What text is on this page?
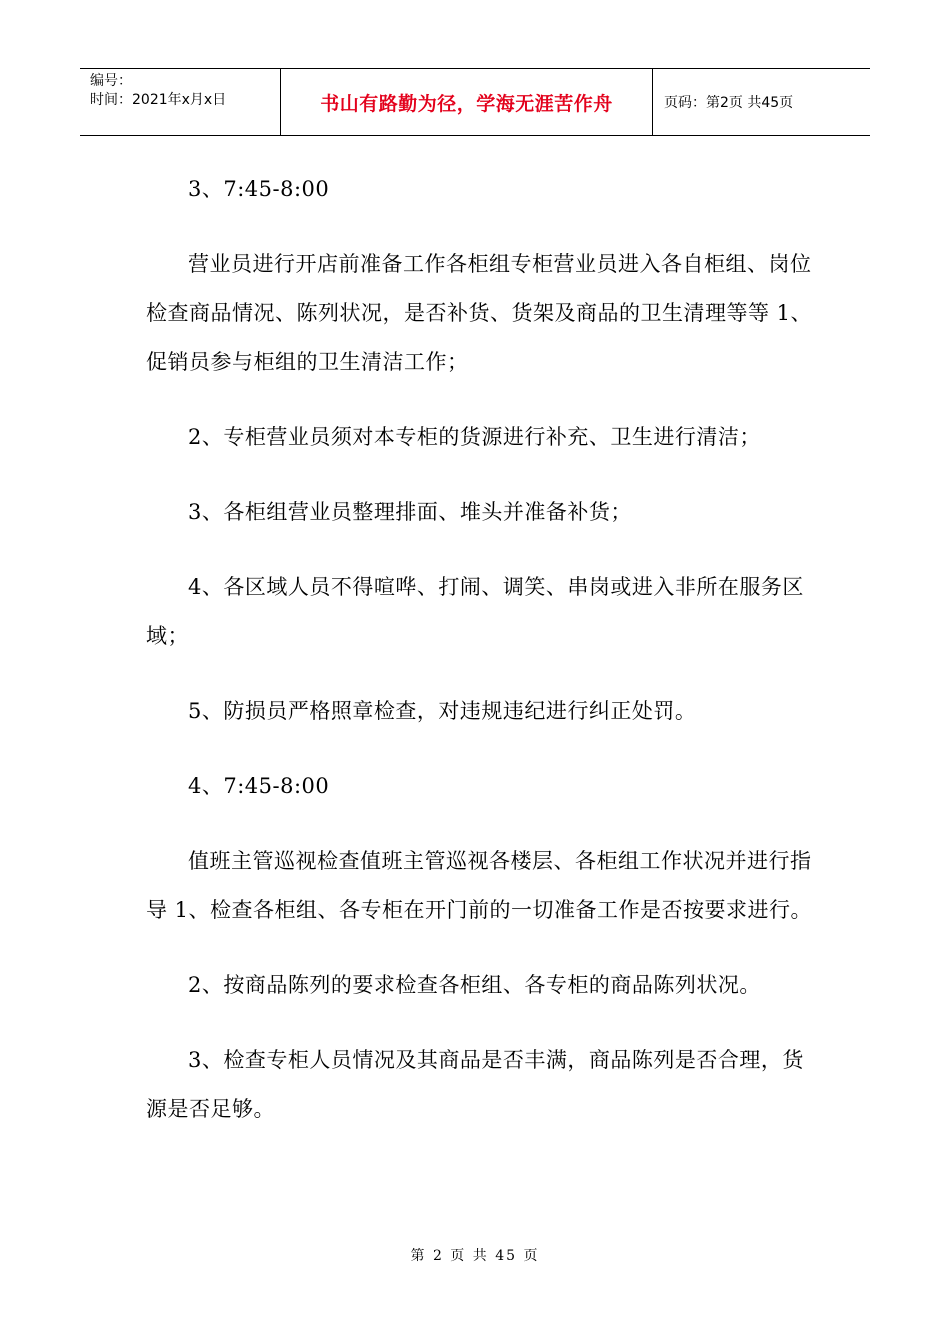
编号：
时间：2021年x月x日	书山有路勤为径，学海无涯苦作舟	页码：第2页 共45页

3、7:45-8:00

营业员进行开店前准备工作各柜组专柜营业员进入各自柜组、岗位检查商品情况、陈列状况，是否补货、货架及商品的卫生清理等等 1、促销员参与柜组的卫生清洁工作；

2、专柜营业员须对本专柜的货源进行补充、卫生进行清洁；

3、各柜组营业员整理排面、堆头并准备补货；

4、各区域人员不得喧哗、打闹、调笑、串岗或进入非所在服务区域；

5、防损员严格照章检查，对违规违纪进行纠正处罚。

4、7:45-8:00

值班主管巡视检查值班主管巡视各楼层、各柜组工作状况并进行指导 1、检查各柜组、各专柜在开门前的一切准备工作是否按要求进行。

2、按商品陈列的要求检查各柜组、各专柜的商品陈列状况。

3、检查专柜人员情况及其商品是否丰满，商品陈列是否合理，货源是否足够。

第 2 页 共 45 页
